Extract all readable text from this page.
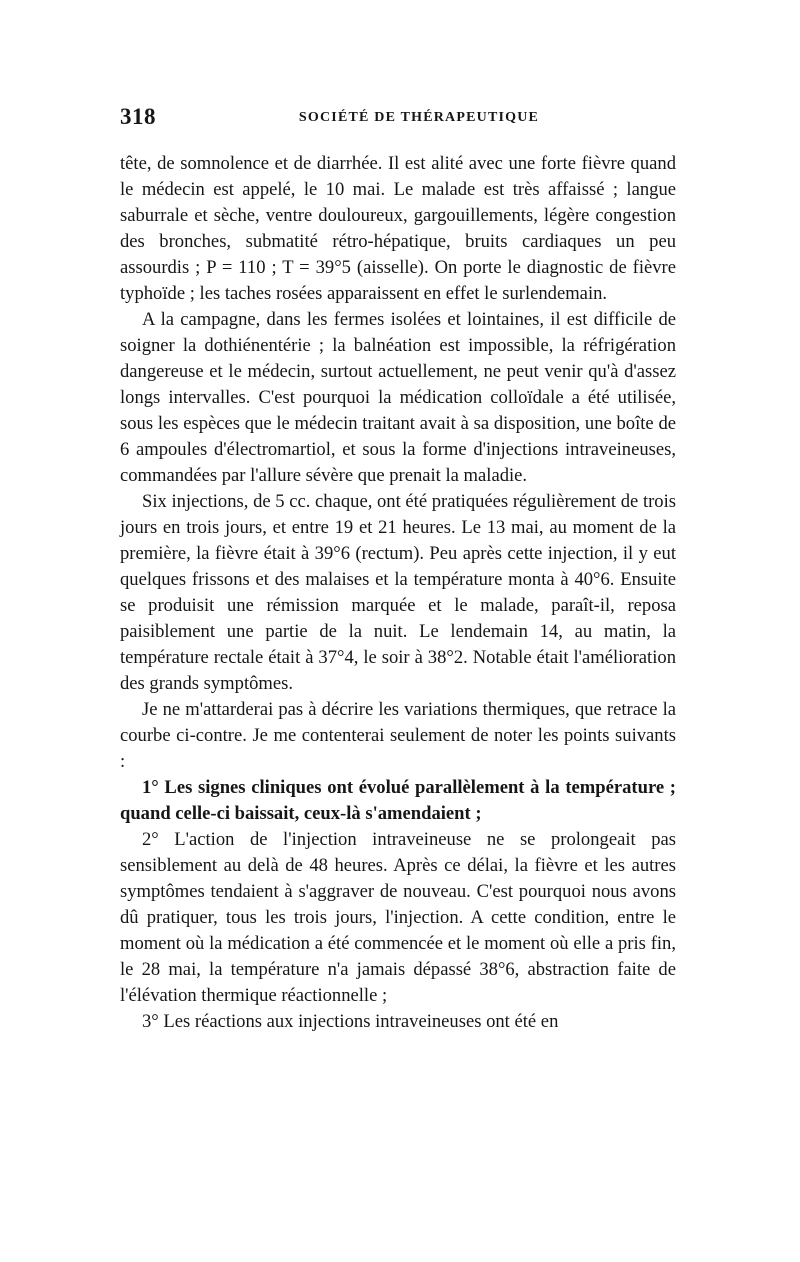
318	SOCIÉTÉ DE THÉRAPEUTIQUE

tête, de somnolence et de diarrhée. Il est alité avec une forte fièvre quand le médecin est appelé, le 10 mai. Le malade est très affaissé ; langue saburrale et sèche, ventre douloureux, gargouillements, légère congestion des bronches, submatité rétro-hépatique, bruits cardiaques un peu assourdis ; P = 110 ; T = 39°5 (aisselle). On porte le diagnostic de fièvre typhoïde ; les taches rosées apparaissent en effet le surlendemain.

A la campagne, dans les fermes isolées et lointaines, il est difficile de soigner la dothiénentérie ; la balnéation est impossible, la réfrigération dangereuse et le médecin, surtout actuellement, ne peut venir qu'à d'assez longs intervalles. C'est pourquoi la médication colloïdale a été utilisée, sous les espèces que le médecin traitant avait à sa disposition, une boîte de 6 ampoules d'électromartiol, et sous la forme d'injections intraveineuses, commandées par l'allure sévère que prenait la maladie.

Six injections, de 5 cc. chaque, ont été pratiquées régulièrement de trois jours en trois jours, et entre 19 et 21 heures. Le 13 mai, au moment de la première, la fièvre était à 39°6 (rectum). Peu après cette injection, il y eut quelques frissons et des malaises et la température monta à 40°6. Ensuite se produisit une rémission marquée et le malade, paraît-il, reposa paisiblement une partie de la nuit. Le lendemain 14, au matin, la température rectale était à 37°4, le soir à 38°2. Notable était l'amélioration des grands symptômes.

Je ne m'attarderai pas à décrire les variations thermiques, que retrace la courbe ci-contre. Je me contenterai seulement de noter les points suivants :

1° Les signes cliniques ont évolué parallèlement à la température ; quand celle-ci baissait, ceux-là s'amendaient ;

2° L'action de l'injection intraveineuse ne se prolongeait pas sensiblement au delà de 48 heures. Après ce délai, la fièvre et les autres symptômes tendaient à s'aggraver de nouveau. C'est pourquoi nous avons dû pratiquer, tous les trois jours, l'injection. A cette condition, entre le moment où la médication a été commencée et le moment où elle a pris fin, le 28 mai, la température n'a jamais dépassé 38°6, abstraction faite de l'élévation thermique réactionnelle ;

3° Les réactions aux injections intraveineuses ont été en
